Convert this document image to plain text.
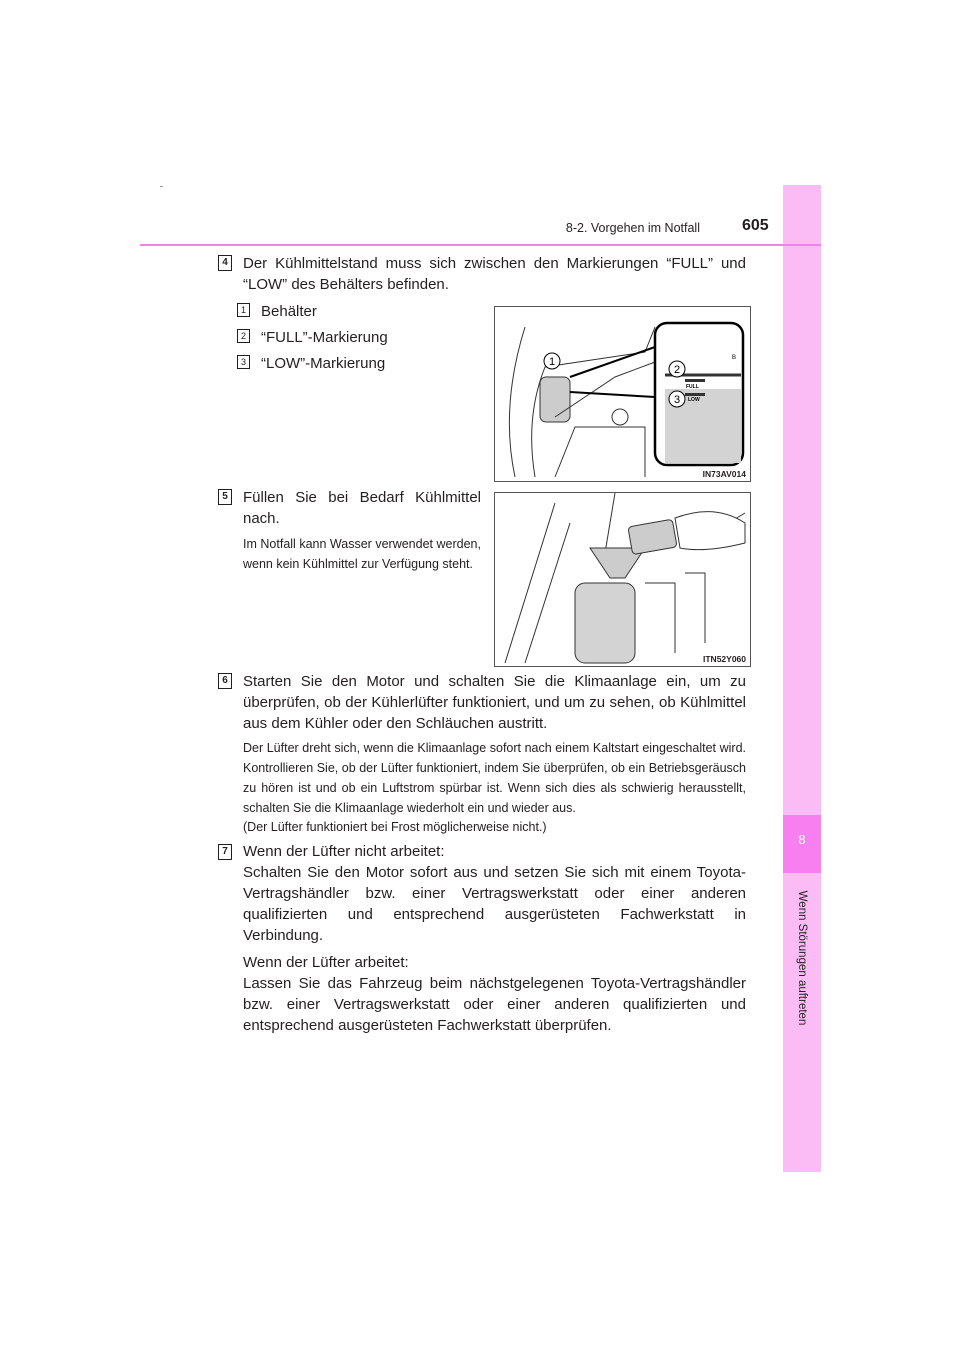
8
Wenn Störungen auftreten
8-2. Vorgehen im Notfall	605
4 Der Kühlmittelstand muss sich zwischen den Markierungen “FULL” und “LOW” des Behälters befinden.

1 Behälter
2 “FULL”-Markierung
3 “LOW”-Markierung
FULL
LOW
B
1
2
3
IN73AV014
5 Füllen Sie bei Bedarf Kühlmittel nach.

Im Notfall kann Wasser verwendet werden, wenn kein Kühlmittel zur Verfügung steht.

ITN52Y060
6 Starten Sie den Motor und schalten Sie die Klimaanlage ein, um zu überprüfen, ob der Kühlerlüfter funktioniert, und um zu sehen, ob Kühlmittel aus dem Kühler oder den Schläuchen austritt.

Der Lüfter dreht sich, wenn die Klimaanlage sofort nach einem Kaltstart eingeschaltet wird. Kontrollieren Sie, ob der Lüfter funktioniert, indem Sie überprüfen, ob ein Betriebsgeräusch zu hören ist und ob ein Luftstrom spürbar ist. Wenn sich dies als schwierig herausstellt, schalten Sie die Klimaanlage wiederholt ein und wieder aus.

(Der Lüfter funktioniert bei Frost möglicherweise nicht.)

7 Wenn der Lüfter nicht arbeitet:

Schalten Sie den Motor sofort aus und setzen Sie sich mit einem Toyota-Vertragshändler bzw. einer Vertragswerkstatt oder einer anderen qualifizierten und entsprechend ausgerüsteten Fachwerkstatt in Verbindung.

Wenn der Lüfter arbeitet:

Lassen Sie das Fahrzeug beim nächstgelegenen Toyota-Vertragshändler bzw. einer Vertragswerkstatt oder einer anderen qualifizierten und entsprechend ausgerüsteten Fachwerkstatt überprüfen.
